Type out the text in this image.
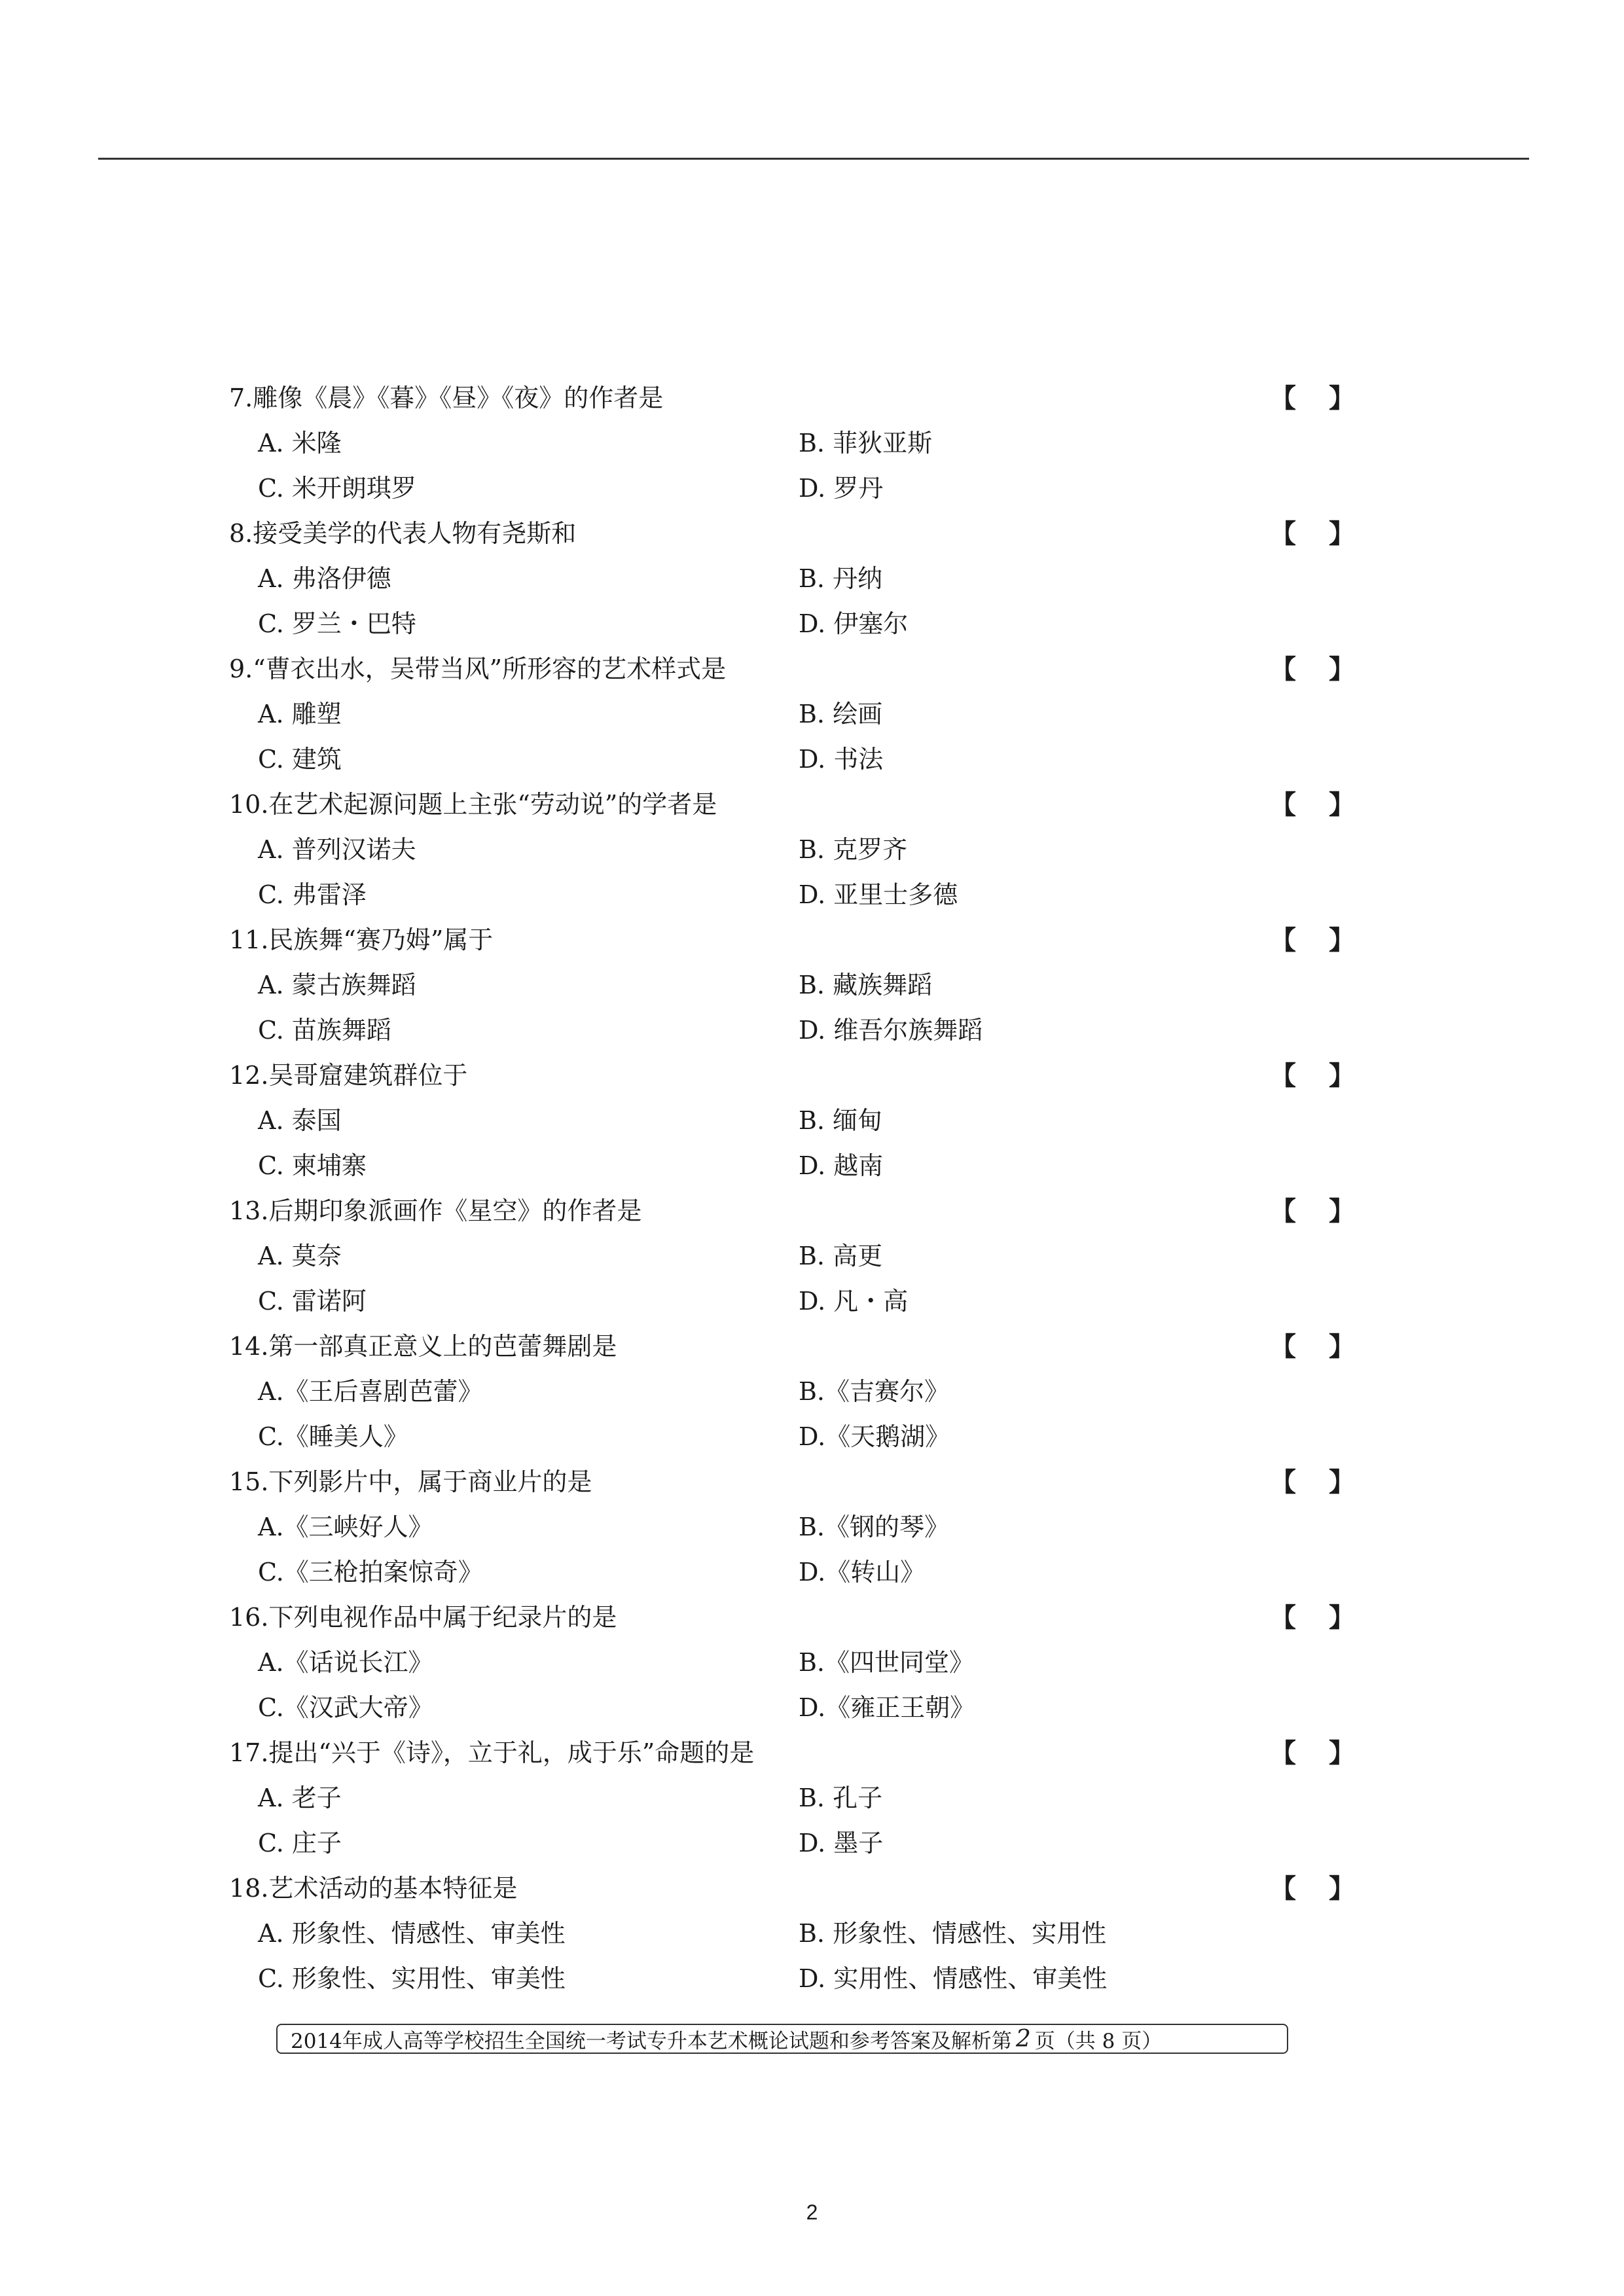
7.雕像《晨》《暮》《昼》《夜》的作者是	【 】
A. 米隆	B. 菲狄亚斯
C. 米开朗琪罗	D. 罗丹
8.接受美学的代表人物有尧斯和	【 】
A. 弗洛伊德	B. 丹纳
C. 罗兰・巴特	D. 伊塞尔
9.“曹衣出水，吴带当风”所形容的艺术样式是	【 】
A. 雕塑	B. 绘画
C. 建筑	D. 书法
10.在艺术起源问题上主张“劳动说”的学者是	【 】
A. 普列汉诺夫	B. 克罗齐
C. 弗雷泽	D. 亚里士多德
11.民族舞“赛乃姆”属于	【 】
A. 蒙古族舞蹈	B. 藏族舞蹈
C. 苗族舞蹈	D. 维吾尔族舞蹈
12.吴哥窟建筑群位于	【 】
A. 泰国	B. 缅甸
C. 柬埔寨	D. 越南
13.后期印象派画作《星空》的作者是	【 】
A. 莫奈	B. 高更
C. 雷诺阿	D. 凡・高
14.第一部真正意义上的芭蕾舞剧是	【 】
A.《王后喜剧芭蕾》	B.《吉赛尔》
C.《睡美人》	D.《天鹅湖》
15.下列影片中，属于商业片的是	【 】
A.《三峡好人》	B.《钢的琴》
C.《三枪拍案惊奇》	D.《转山》
16.下列电视作品中属于纪录片的是	【 】
A.《话说长江》	B.《四世同堂》
C.《汉武大帝》	D.《雍正王朝》
17.提出“兴于《诗》，立于礼，成于乐”命题的是	【 】
A. 老子	B. 孔子
C. 庄子	D. 墨子
18.艺术活动的基本特征是	【 】
A. 形象性、情感性、审美性	B. 形象性、情感性、实用性
C. 形象性、实用性、审美性	D. 实用性、情感性、审美性
2014年成人高等学校招生全国统一考试专升本艺术概论试题和参考答案及解析 第 2 页（共 8 页）
2
